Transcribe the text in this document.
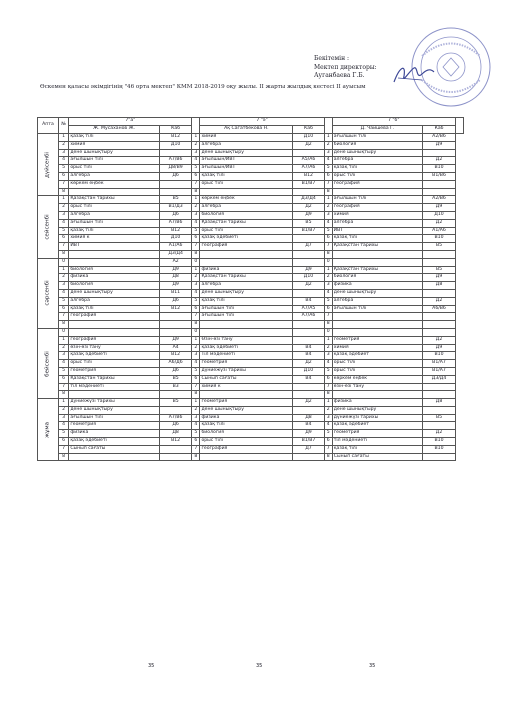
Бекітемін :
Мектеп директоры:
Ауганбаева Г.Б.
Өскемен қаласы әкімдігінің "46 орта мектеп" КММ 2018-2019 оқу жылы. II жарты жылдық кестесі II ауысым
Апта	№	7"а"			7 "ә"			7 "б"		
		Ж. Мусаханов Ж.	Каб		Ақ Сагатбекова Н.	Каб		Д. Чаишева Г.	Каб	

дүйсенбі	1	қазақ тілі	В12	1	химия	Д10	1	ағылшын тілі	А2/В6	
	2	химия	Д10	2	алгебра	Д2	2	биология	Д9	
	3	дене шынықтыру		3	дене шынықтыру		3	дене шынықтыру		
	4	ағылшын тілі	А7/В6	4	ағылшын/ИВТ	А5/А6	4	алгебра	Д2	
	5	орыс тілі	Д8/В9	5	ағылшын/ИВТ	А7/А6	5	қазақ тілі	В10	
	6	алгебра	Д6	6	қазақ тілі	В12	6	орыс тілі	В1/В6	
	7	көркем еңбек		7	орыс тілі	В1/В7	7	география		
	8			8			8			

сейсенбі	1	Қазақстан тарихы	В5	1	көркем еңбек	Д3/Д4	1	ағылшын тілі	А2/В6	
	2	орыс тілі	В1/Д3	2	алгебра	Д2	2	география	Д9	
	3	алгебра	Д6	3	биология	Д9	3	химия	Д10	
	4	ағылшын тілі	А7/В6	4	Қазақстан тарихы	В5	4	алгебра	Д2	
	5	қазақ тілі	В12	5	орыс тілі	В1/В7	5	ИВТ	А1/А6	
	6	химия к	Д10	6	қазақ әдебиеті		6	қазақ тілі	В10	
	7	ИВТ	А1/А6	7	география	Д7	7	Қазақстан тарихы	В5	
	8		Д3/Д4	8			8			

сәрсенбі	0		А2	0			0			
	1	биология	Д9	1	физика	Д9	1	Қазақстан тарихы	В5	
	2	физика	Д8	2	Қазақстан тарихы	Д10	2	биология	Д9	
	3	биология	Д9	3	алгебра	Д2	3	физика	Д8	
	4	дене шынықтыру	В11	4	дене шынықтыру		4	дене шынықтыру		
	5	алгебра	Д6	5	қазақ тілі	В4	5	алгебра	Д2	
	6	қазақ тілі	В12	6	ағылшын тілі	А7/А5	6	ағылшын тілі	А6/В6	
	7	география		7	ағылшын тілі	А7/А6	7			
	8			8			8			

бейсенбі	0			0			0			
	1	география	Д9	1	Өзін-өзі тану		1	геометрия	Д2	
	2	өзін-өзі тану	А4	2	қазақ әдебиеті	В4	2	химия	Д9	
	3	қазақ әдебиеті	В12	3	Тіл мәдениеті	В4	3	қазақ әдебиет	В10	
	4	орыс тілі	А6/Д6	4	геометрия	Д2	4	орыс тілі	В1/А7	
	5	геометрия	Д6	5	дүниежүзі тарихы	Д10	5	орыс тілі	В1/А7	
	6	Қазақстан тарихы	В5	6	Сынып сағаты	В4	6	көркем еңбек	Д3/Д4	
	7	тіл мәдениеті	В3	7	химия к		7	өзін-өзі тану		
	8			8			8			

жұма	1	дүниежүзі тарихы	В5	1	геометрия	Д2	1	физика	Д8	
	2	дене шынықтыру		2	дене шынықтыру		2	дене шынықтыру		
	3	ағылшын тілі	А7/В6	3	физика	Д8	3	дүниежүзі тарихы	В5	
	4	геометрия	Д6	4	қазақ тілі	В4	4	қазақ әдебиет		
	5	физика	Д8	5	биология	Д9	5	геометрия	Д2	
	6	қазақ әдебиеті	В12	6	орыс тілі	В1/В7	6	тіл мәдениеті	В10	
	7	Сынып сағаты		7	география	Д7	7	қазақ тілі	В10	
	8			8			8	Сынып сағаты		
35	35	35
